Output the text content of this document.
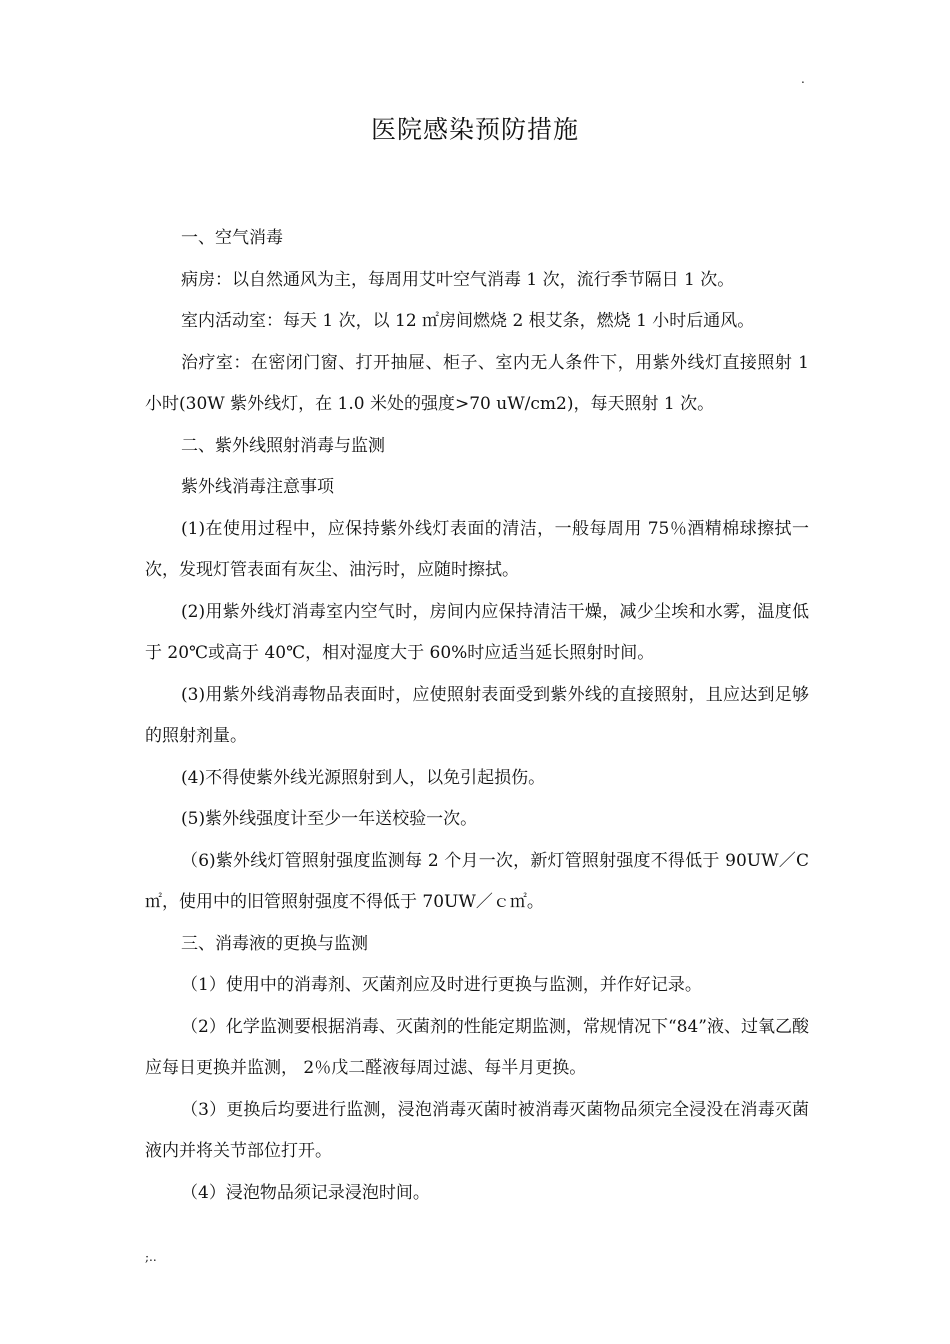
.
医院感染预防措施

一、空气消毒

病房：以自然通风为主，每周用艾叶空气消毒 1 次，流行季节隔日 1 次。

室内活动室：每天 1 次，以 12 ㎡房间燃烧 2 根艾条，燃烧 1 小时后通风。

治疗室：在密闭门窗、打开抽屉、柜子、室内无人条件下，用紫外线灯直接照射 1 小时(30W 紫外线灯，在 1.0 米处的强度>70 uW/cm2)，每天照射 1 次。

二、紫外线照射消毒与监测

紫外线消毒注意事项

(1)在使用过程中，应保持紫外线灯表面的清洁，一般每周用 75％酒精棉球擦拭一次，发现灯管表面有灰尘、油污时，应随时擦拭。

(2)用紫外线灯消毒室内空气时，房间内应保持清洁干燥，减少尘埃和水雾，温度低于 20℃或高于 40℃，相对湿度大于 60%时应适当延长照射时间。

(3)用紫外线消毒物品表面时，应使照射表面受到紫外线的直接照射，且应达到足够的照射剂量。

(4)不得使紫外线光源照射到人，以免引起损伤。

(5)紫外线强度计至少一年送校验一次。

（6)紫外线灯管照射强度监测每 2 个月一次，新灯管照射强度不得低于 90UW／C ㎡，使用中的旧管照射强度不得低于 70UW／ｃ㎡。

三、消毒液的更换与监测

（1）使用中的消毒剂、灭菌剂应及时进行更换与监测，并作好记录。

（2）化学监测要根据消毒、灭菌剂的性能定期监测，常规情况下“84”液、过氧乙酸应每日更换并监测， 2％戊二醛液每周过滤、每半月更换。

（3）更换后均要进行监测，浸泡消毒灭菌时被消毒灭菌物品须完全浸没在消毒灭菌液内并将关节部位打开。

（4）浸泡物品须记录浸泡时间。

;..
